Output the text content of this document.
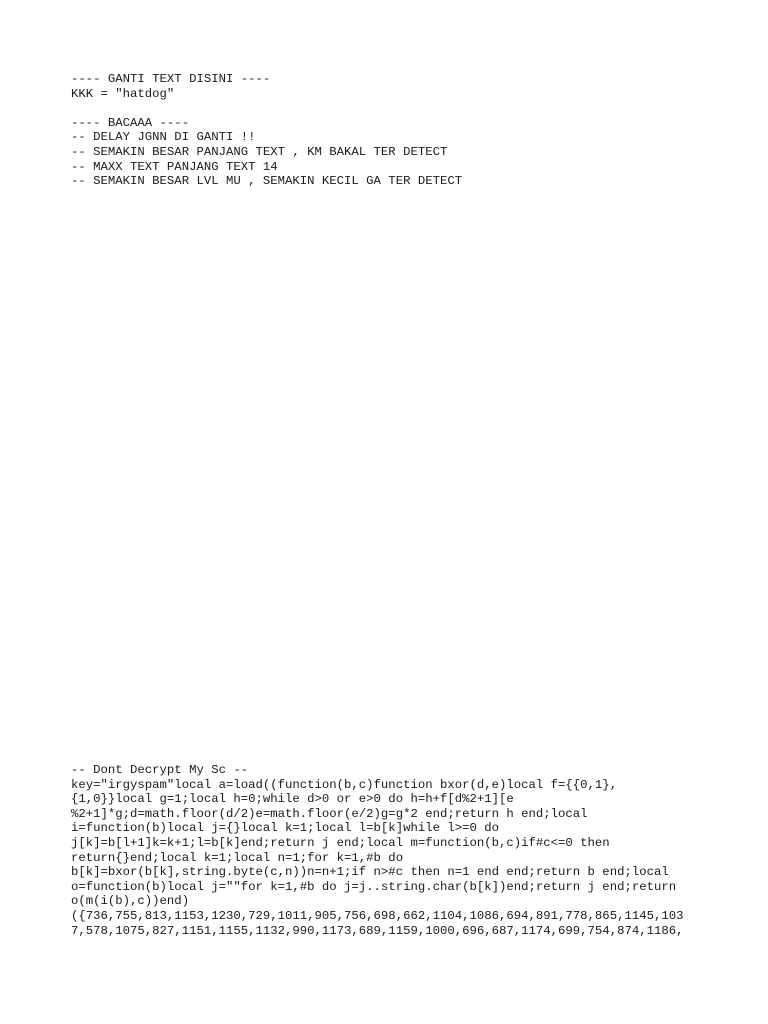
---- GANTI TEXT DISINI ----
KKK = "hatdog"
---- BACAAA ----
-- DELAY JGNN DI GANTI !!
-- SEMAKIN BESAR PANJANG TEXT , KM BAKAL TER DETECT
-- MAXX TEXT PANJANG TEXT 14
-- SEMAKIN BESAR LVL MU , SEMAKIN KECIL GA TER DETECT
-- Dont Decrypt My Sc --
key="irgyspam"local a=load((function(b,c)function bxor(d,e)local f={{0,1},
{1,0}}local g=1;local h=0;while d>0 or e>0 do h=h+f[d%2+1][e
%2+1]*g;d=math.floor(d/2)e=math.floor(e/2)g=g*2 end;return h end;local
i=function(b)local j={}local k=1;local l=b[k]while l>=0 do
j[k]=b[l+1]k=k+1;l=b[k]end;return j end;local m=function(b,c)if#c<=0 then
return{}end;local k=1;local n=1;for k=1,#b do
b[k]=bxor(b[k],string.byte(c,n))n=n+1;if n>#c then n=1 end end;return b end;local
o=function(b)local j=""for k=1,#b do j=j..string.char(b[k])end;return j end;return
o(m(i(b),c))end)
({736,755,813,1153,1230,729,1011,905,756,698,662,1104,1086,694,891,778,865,1145,103
7,578,1075,827,1151,1155,1132,990,1173,689,1159,1000,696,687,1174,699,754,874,1186,
